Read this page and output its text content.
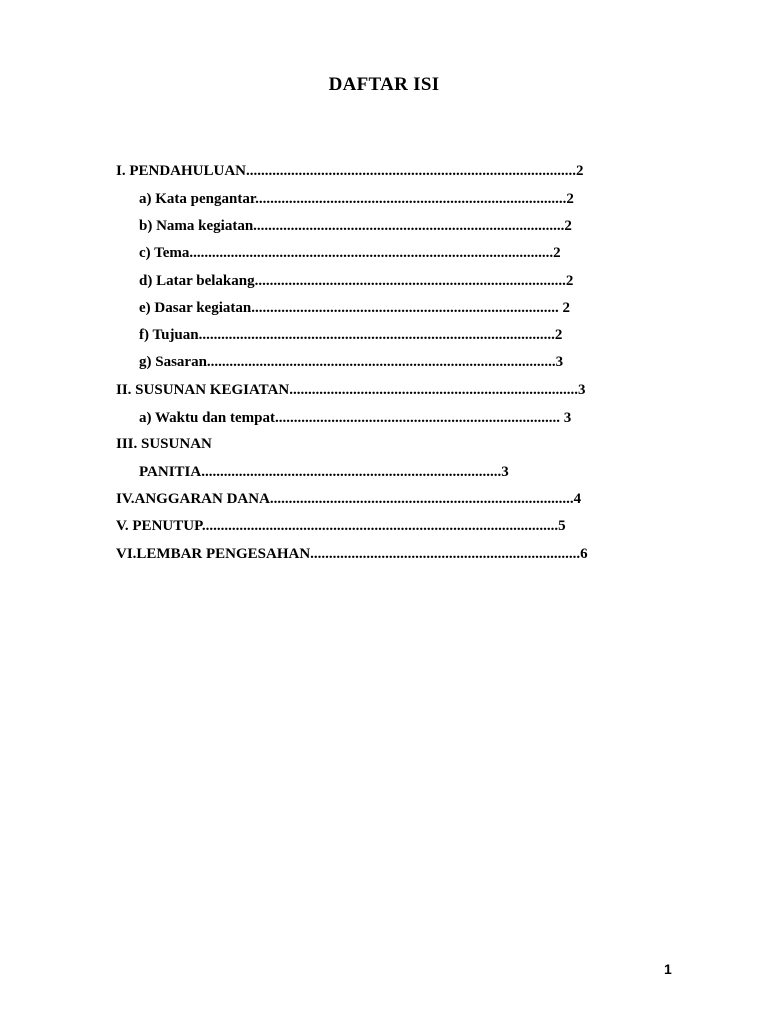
DAFTAR ISI
I. PENDAHULUAN........................................................................................2
a) Kata pengantar...................................................................................2
b) Nama kegiatan...................................................................................2
c) Tema.................................................................................................2
d) Latar belakang...................................................................................2
e) Dasar kegiatan.................................................................................. 2
f) Tujuan...............................................................................................2
g) Sasaran.............................................................................................3
II. SUSUNAN KEGIATAN.............................................................................3
a) Waktu dan tempat............................................................................ 3
III. SUSUNAN
PANITIA................................................................................3
IV.ANGGARAN DANA.................................................................................4
V. PENUTUP...............................................................................................5
VI.LEMBAR PENGESAHAN........................................................................6
1
